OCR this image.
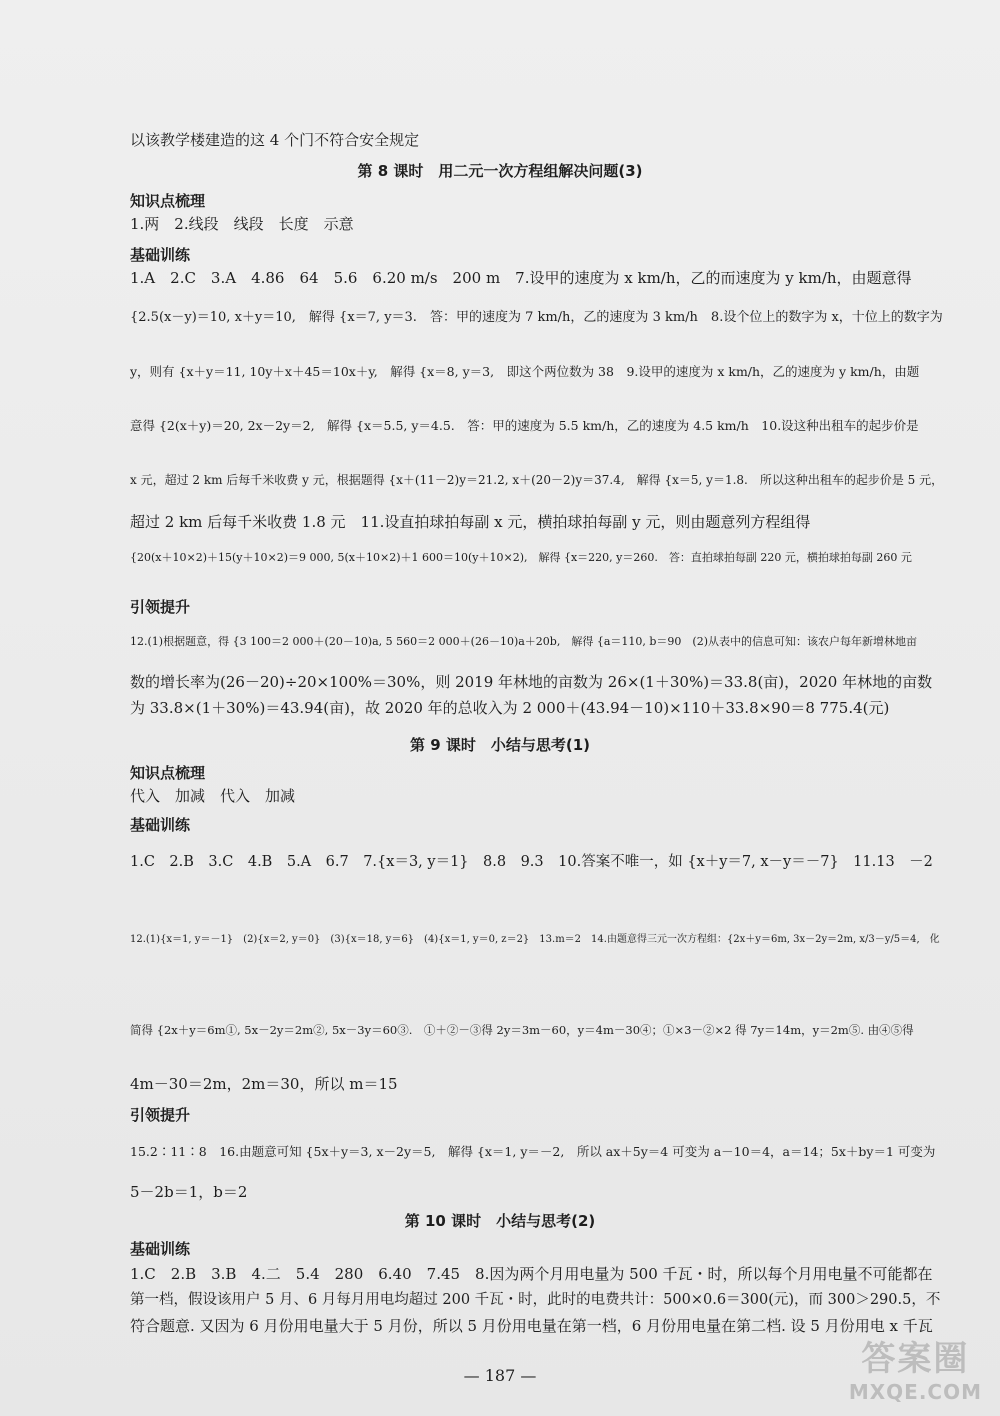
以该教学楼建造的这 4 个门不符合安全规定
第 8 课时　用二元一次方程组解决问题(3)
知识点梳理
1.两　2.线段　线段　长度　示意
基础训练
1.A　2.C　3.A　4.86　64　5.6　6.20 m/s　200 m　7.设甲的速度为 x km/h，乙的而速度为 y km/h，由题意得
{2.5(x－y)＝10, x＋y＝10,　解得 {x＝7, y＝3.　答：甲的速度为 7 km/h，乙的速度为 3 km/h　8.设个位上的数字为 x，十位上的数字为
y，则有 {x＋y＝11, 10y＋x＋45＝10x＋y,　解得 {x＝8, y＝3,　即这个两位数为 38　9.设甲的速度为 x km/h，乙的速度为 y km/h，由题
意得 {2(x＋y)＝20, 2x－2y＝2,　解得 {x＝5.5, y＝4.5.　答：甲的速度为 5.5 km/h，乙的速度为 4.5 km/h　10.设这种出租车的起步价是
x 元，超过 2 km 后每千米收费 y 元，根据题得 {x＋(11－2)y＝21.2, x＋(20－2)y＝37.4,　解得 {x＝5, y＝1.8.　所以这种出租车的起步价是 5 元，
超过 2 km 后每千米收费 1.8 元　11.设直拍球拍每副 x 元，横拍球拍每副 y 元，则由题意列方程组得
{20(x＋10×2)＋15(y＋10×2)＝9 000, 5(x＋10×2)＋1 600＝10(y＋10×2),　解得 {x＝220, y＝260.　答：直拍球拍每副 220 元，横拍球拍每副 260 元
引领提升
12.(1)根据题意，得 {3 100＝2 000＋(20－10)a, 5 560＝2 000＋(26－10)a＋20b,　解得 {a＝110, b＝90　(2)从表中的信息可知：该农户每年新增林地亩
数的增长率为(26－20)÷20×100%＝30%，则 2019 年林地的亩数为 26×(1＋30%)＝33.8(亩)，2020 年林地的亩数
为 33.8×(1＋30%)＝43.94(亩)，故 2020 年的总收入为 2 000＋(43.94－10)×110＋33.8×90＝8 775.4(元)
第 9 课时　小结与思考(1)
知识点梳理
代入　加减　代入　加减
基础训练
1.C　2.B　3.C　4.B　5.A　6.7　7.{x＝3, y＝1}　8.8　9.3　10.答案不唯一，如 {x＋y＝7, x－y＝－7}　11.13　－2
12.(1){x＝1, y＝－1}　(2){x＝2, y＝0}　(3){x＝18, y＝6}　(4){x＝1, y＝0, z＝2}　13.m＝2　14.由题意得三元一次方程组：{2x＋y＝6m, 3x－2y＝2m, x/3－y/5＝4,　化
简得 {2x＋y＝6m①, 5x－2y＝2m②, 5x－3y＝60③.　①＋②－③得 2y＝3m－60，y＝4m－30④；①×3－②×2 得 7y＝14m，y＝2m⑤. 由④⑤得
4m－30＝2m，2m＝30，所以 m＝15
引领提升
15.2∶11∶8　16.由题意可知 {5x＋y＝3, x－2y＝5,　解得 {x＝1, y＝－2,　所以 ax＋5y＝4 可变为 a－10＝4，a＝14；5x＋by＝1 可变为
5－2b＝1，b＝2
第 10 课时　小结与思考(2)
基础训练
1.C　2.B　3.B　4.二　5.4　280　6.40　7.45　8.因为两个月用电量为 500 千瓦・时，所以每个月用电量不可能都在
第一档，假设该用户 5 月、6 月每月用电均超过 200 千瓦・时，此时的电费共计：500×0.6＝300(元)，而 300＞290.5，不
符合题意. 又因为 6 月份用电量大于 5 月份，所以 5 月份用电量在第一档，6 月份用电量在第二档. 设 5 月份用电 x 千瓦
— 187 —	答案圈
MXQE.COM
